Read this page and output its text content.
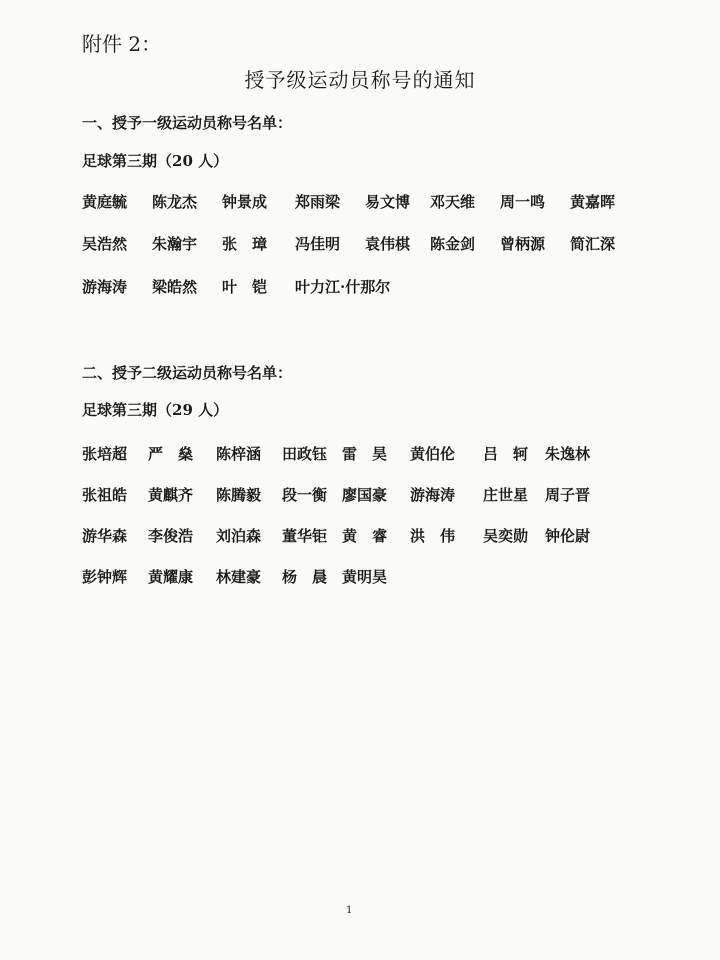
附件 2：
授予级运动员称号的通知
一、授予一级运动员称号名单：
足球第三期（20 人）
黄庭毓 陈龙杰 钟景成 郑雨梁 易文博 邓天维 周一鸣 黄嘉晖
吴浩然 朱瀚宇 张　璋 冯佳明 袁伟棋 陈金剑 曾柄源 简汇深
游海涛 梁皓然 叶　铠 叶力江·什那尔
二、授予二级运动员称号名单：
足球第三期（29 人）
张培超 严　燊 陈梓涵 田政钰 雷　昊 黄伯伦 吕　轲 朱逸林
张祖皓 黄麒齐 陈腾毅 段一衡 廖国豪 游海涛 庄世星 周子晋
游华森 李俊浩 刘泊森 董华钜 黄　睿 洪　伟 吴奕勋 钟伦尉
彭钟辉 黄耀康 林建豪 杨　晨 黄明昊
1
